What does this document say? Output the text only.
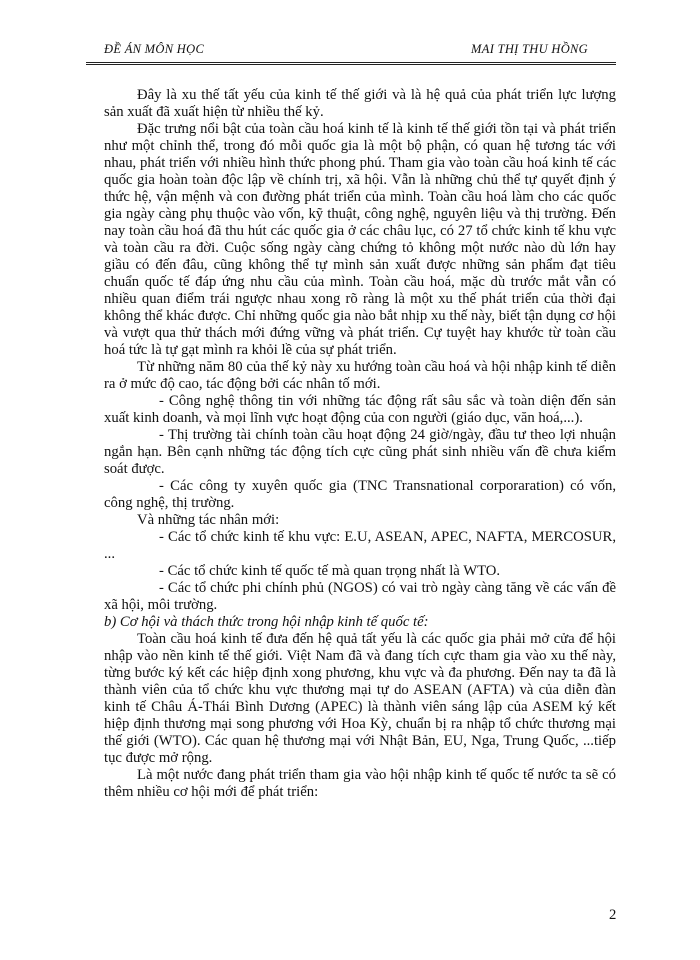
ĐỀ ÁN MÔN HỌC	MAI THỊ THU HỒNG

Đây là xu thế tất yếu của kinh tế thế giới và là hệ quả của phát triển lực lượng sản xuất đã xuất hiện từ nhiều thế kỷ.

Đặc trưng nổi bật của toàn cầu hoá kinh tế là kinh tế thế giới tồn tại và phát triển như một chỉnh thể, trong đó mỗi quốc gia là một bộ phận, có quan hệ tương tác với nhau, phát triển với nhiều hình thức phong phú. Tham gia vào toàn cầu hoá kinh tế các quốc gia hoàn toàn độc lập về chính trị, xã hội. Vẫn là những chủ thể tự quyết định ý thức hệ, vận mệnh và con đường phát triển của mình. Toàn cầu hoá làm cho các quốc gia ngày càng phụ thuộc vào vốn, kỹ thuật, công nghệ, nguyên liệu và thị trường. Đến nay toàn cầu hoá đã thu hút các quốc gia ở các châu lục, có 27 tổ chức kinh tế khu vực và toàn cầu ra đời. Cuộc sống ngày càng chứng tỏ không một nước nào dù lớn hay giầu có đến đâu, cũng không thể tự mình sản xuất được những sản phẩm đạt tiêu chuẩn quốc tế đáp ứng nhu cầu của mình. Toàn cầu hoá, mặc dù trước mắt vẫn có nhiều quan điểm trái ngược nhau xong rõ ràng là một xu thế phát triển của thời đại không thể khác được. Chỉ những quốc gia nào bắt nhịp xu thế này, biết tận dụng cơ hội và vượt qua thử thách mới đứng vững và phát triển. Cự tuyệt hay khước từ toàn cầu hoá tức là tự gạt mình ra khỏi lề của sự phát triển.

Từ những năm 80 của thế kỷ này xu hướng toàn cầu hoá và hội nhập kinh tế diễn ra ở mức độ cao, tác động bởi các nhân tố mới.

- Công nghệ thông tin với những tác động rất sâu sắc và toàn diện đến sản xuất kinh doanh, và mọi lĩnh vực hoạt động của con người (giáo dục, văn hoá,...).

- Thị trường tài chính toàn cầu hoạt động 24 giờ/ngày, đầu tư theo lợi nhuận ngắn hạn. Bên cạnh những tác động tích cực cũng phát sinh nhiều vấn đề chưa kiểm soát được.

- Các công ty xuyên quốc gia (TNC Transnational corporaration) có vốn, công nghệ, thị trường.

Và những tác nhân mới:

- Các tổ chức kinh tế khu vực: E.U, ASEAN, APEC, NAFTA, MERCOSUR, ...

- Các tổ chức kinh tế quốc tế mà quan trọng nhất là WTO.

- Các tổ chức phi chính phủ (NGOS) có vai trò ngày càng tăng về các vấn đề xã hội, môi trường.

b) Cơ hội và thách thức trong hội nhập kinh tế quốc tế:

Toàn cầu hoá kinh tế đưa đến hệ quả tất yếu là các quốc gia phải mở cửa để hội nhập vào nền kinh tế thế giới. Việt Nam đã và đang tích cực tham gia vào xu thế này, từng bước ký kết các hiệp định xong phương, khu vực và đa phương. Đến nay ta đã là thành viên của tổ chức khu vực thương mại tự do ASEAN (AFTA) và của diễn đàn kinh tế Châu Á-Thái Bình Dương (APEC) là thành viên sáng lập của ASEM ký kết hiệp định thương mại song phương với Hoa Kỳ, chuẩn bị ra nhập tổ chức thương mại thế giới (WTO). Các quan hệ thương mại với Nhật Bản, EU, Nga, Trung Quốc, ...tiếp tục được mở rộng.

Là một nước đang phát triển tham gia vào hội nhập kinh tế quốc tế nước ta sẽ có thêm nhiều cơ hội mới để phát triển:

2
